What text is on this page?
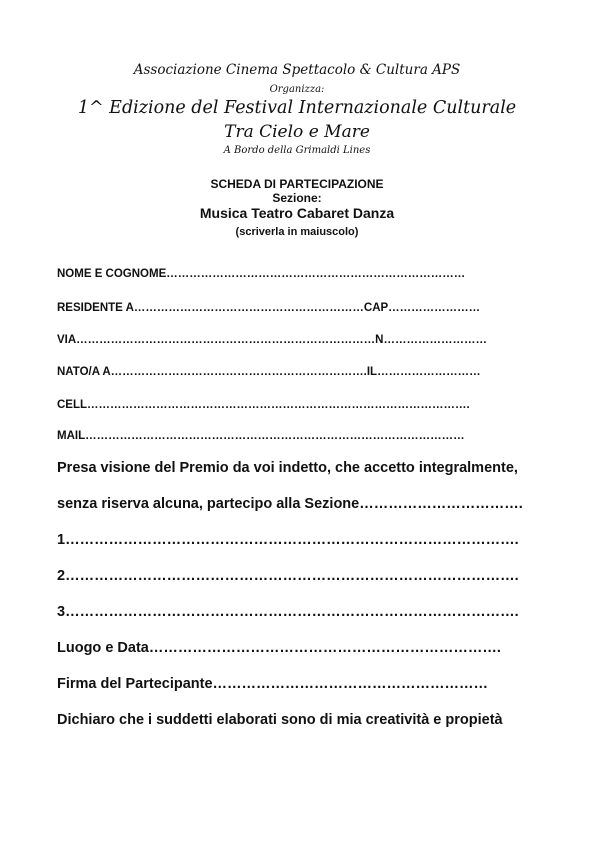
Associazione Cinema Spettacolo & Cultura APS
Organizza:
1^ Edizione del Festival Internazionale Culturale
Tra Cielo e Mare
A Bordo della Grimaldi Lines
SCHEDA DI PARTECIPAZIONE
Sezione:
Musica Teatro Cabaret Danza
(scriverla in maiuscolo)
NOME E COGNOME……………………………………………………………………
RESIDENTE A……………………………………………………CAP……………………
VIA……………………………………………………………………N………………………
NATO/A A………………………………………………………….IL………………………
CELL……………………………………………………………………………………….
MAIL………………………………………………………………………………………
Presa visione del Premio da voi indetto, che accetto integralmente,
senza riserva alcuna, partecipo alla Sezione…………………………….
1………………………………………………………………………………….
2………………………………………………………………………………….
3………………………………………………………………………………….
Luogo e Data……………………………………………………………….
Firma del Partecipante…………………………………………………
Dichiaro che i suddetti elaborati sono di mia creatività e propietà
